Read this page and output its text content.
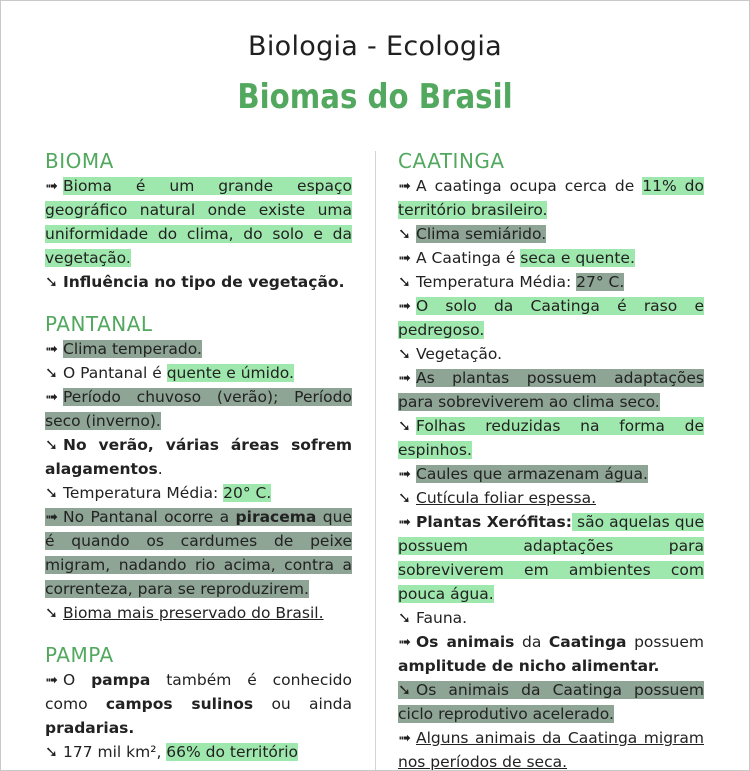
Biologia - Ecologia
Biomas do Brasil
BIOMA

➟ Bioma é um grande espaço geográfico natural onde existe uma uniformidade do clima, do solo e da vegetação.

➘ Influência no tipo de vegetação.

PANTANAL

➟ Clima temperado.

➘ O Pantanal é quente e úmido.

➟ Período chuvoso (verão); Período seco (inverno).

➘ No verão, várias áreas sofrem alagamentos.

➘ Temperatura Média: 20° C.

➟ No Pantanal ocorre a piracema que é quando os cardumes de peixe migram, nadando rio acima, contra a correnteza, para se reproduzirem.

➘ Bioma mais preservado do Brasil.

PAMPA

➟ O pampa também é conhecido como campos sulinos ou ainda pradarias.

➘ 177 mil km², 66% do território

CAATINGA

➟ A caatinga ocupa cerca de 11% do território brasileiro.

➘ Clima semiárido.

➟ A Caatinga é seca e quente.

➘ Temperatura Média: 27° C.

➟ O solo da Caatinga é raso e pedregoso.

➘ Vegetação.

➟ As plantas possuem adaptações para sobreviverem ao clima seco.

➘ Folhas reduzidas na forma de espinhos.

➟ Caules que armazenam água.

➘ Cutícula foliar espessa.

➟ Plantas Xerófitas: são aquelas que possuem adaptações para sobreviverem em ambientes com pouca água.

➘ Fauna.

➟ Os animais da Caatinga possuem amplitude de nicho alimentar.

➘ Os animais da Caatinga possuem ciclo reprodutivo acelerado.

➟ Alguns animais da Caatinga migram nos períodos de seca.
